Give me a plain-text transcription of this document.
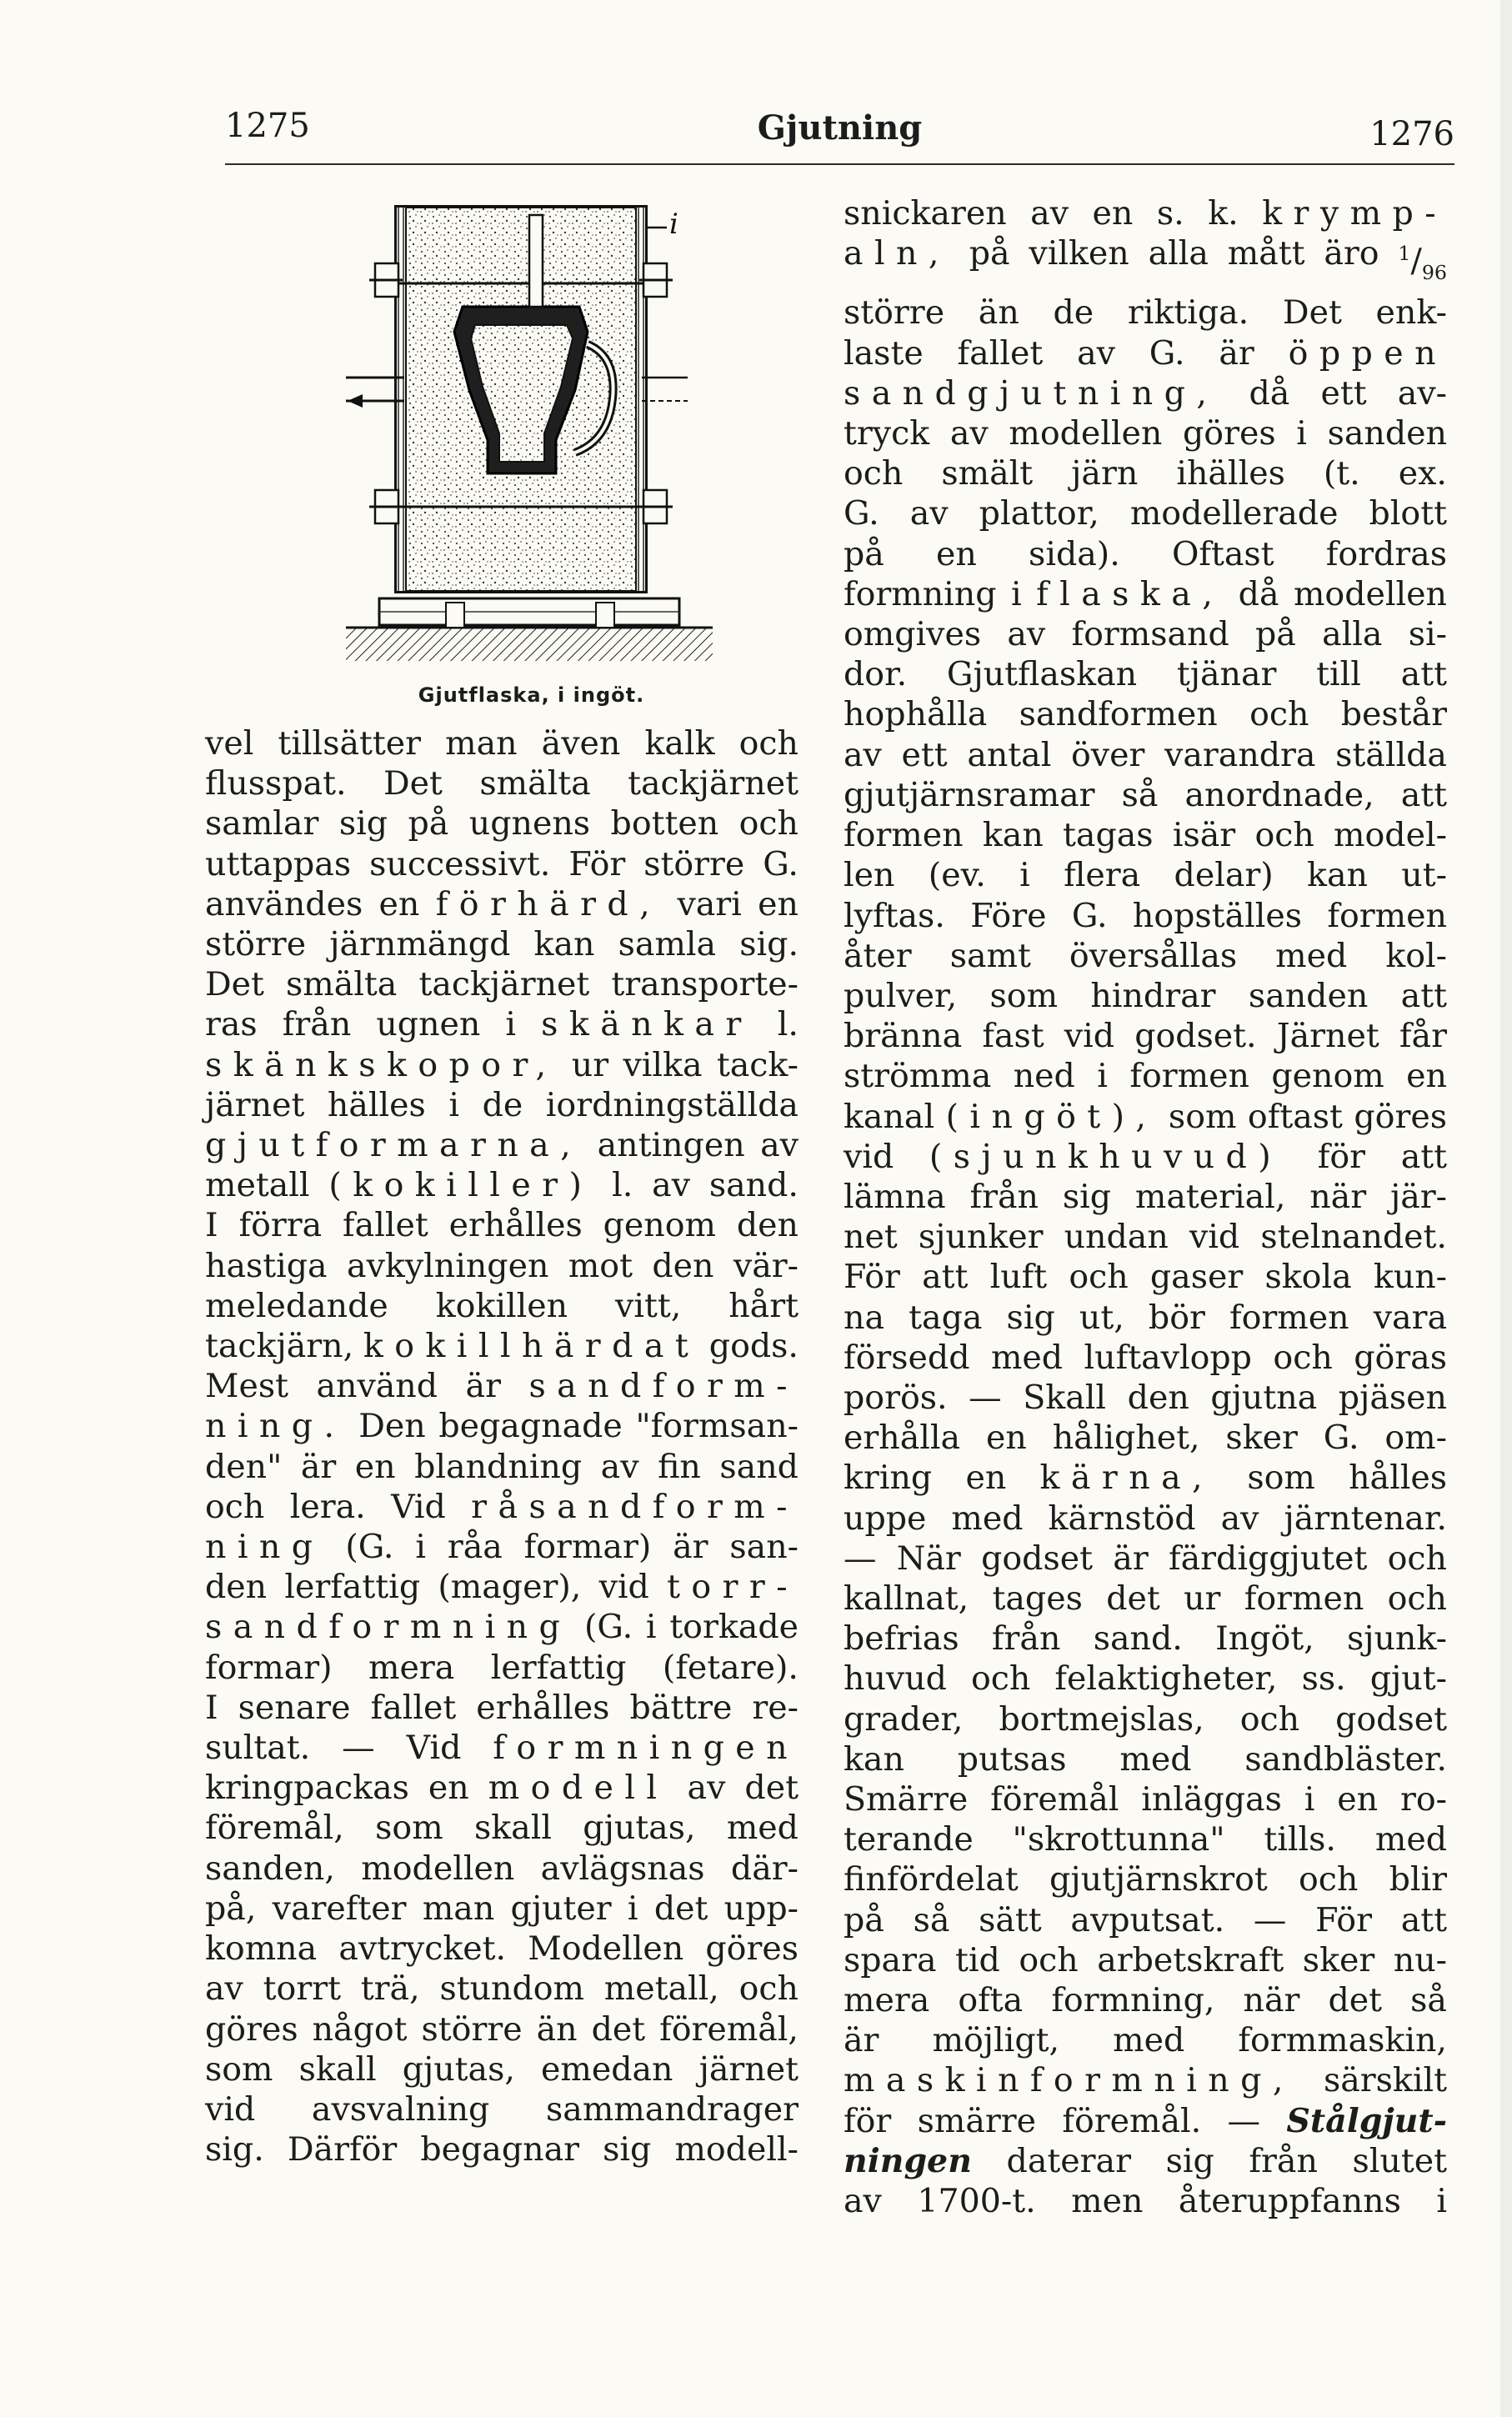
1275	Gjutning	1276
i
Gjutflaska, i ingöt.
vel tillsätter man även kalk och
flusspat. Det smälta tackjärnet
samlar sig på ugnens botten och
uttappas successivt. För större G.
användes en förhärd, vari en
större järnmängd kan samla sig.
Det smälta tackjärnet transporte-
ras från ugnen i skänkar l.
skänkskopor, ur vilka tack-
järnet hälles i de iordningställda
gjutformarna, antingen av
metall (kokiller) l. av sand.
I förra fallet erhålles genom den
hastiga avkylningen mot den vär-
meledande kokillen vitt, hårt
tackjärn, kokillhärdat gods.
Mest använd är sandform-
ning. Den begagnade "formsan-
den" är en blandning av fin sand
och lera. Vid råsandform-
ning (G. i råa formar) är san-
den lerfattig (mager), vid torr-
sandformning (G. i torkade
formar) mera lerfattig (fetare).
I senare fallet erhålles bättre re-
sultat. — Vid formningen
kringpackas en modell av det
föremål, som skall gjutas, med
sanden, modellen avlägsnas där-
på, varefter man gjuter i det upp-
komna avtrycket. Modellen göres
av torrt trä, stundom metall, och
göres något större än det föremål,
som skall gjutas, emedan järnet
vid avsvalning sammandrager
sig. Därför begagnar sig modell-
snickaren av en s. k. krymp-
aln, på vilken alla mått äro $^1/_{96}$
större än de riktiga. Det enk-
laste fallet av G. är öppen
sandgjutning, då ett av-
tryck av modellen göres i sanden
och smält järn ihälles (t. ex.
G. av plattor, modellerade blott
på en sida). Oftast fordras
formning i flaska, då modellen
omgives av formsand på alla si-
dor. Gjutflaskan tjänar till att
hophålla sandformen och består
av ett antal över varandra ställda
gjutjärnsramar så anordnade, att
formen kan tagas isär och model-
len (ev. i flera delar) kan ut-
lyftas. Före G. hopställes formen
åter samt översållas med kol-
pulver, som hindrar sanden att
bränna fast vid godset. Järnet får
strömma ned i formen genom en
kanal (ingöt), som oftast göres
vid (sjunkhuvud) för att
lämna från sig material, när jär-
net sjunker undan vid stelnandet.
För att luft och gaser skola kun-
na taga sig ut, bör formen vara
försedd med luftavlopp och göras
porös. — Skall den gjutna pjäsen
erhålla en hålighet, sker G. om-
kring en kärna, som hålles
uppe med kärnstöd av järntenar.
— När godset är färdiggjutet och
kallnat, tages det ur formen och
befrias från sand. Ingöt, sjunk-
huvud och felaktigheter, ss. gjut-
grader, bortmejslas, och godset
kan putsas med sandbläster.
Smärre föremål inläggas i en ro-
terande "skrottunna" tills. med
finfördelat gjutjärnskrot och blir
på så sätt avputsat. — För att
spara tid och arbetskraft sker nu-
mera ofta formning, när det så
är möjligt, med formmaskin,
maskinformning, särskilt
för smärre föremål. — Stålgjut-
ningen daterar sig från slutet
av 1700-t. men återuppfanns i
